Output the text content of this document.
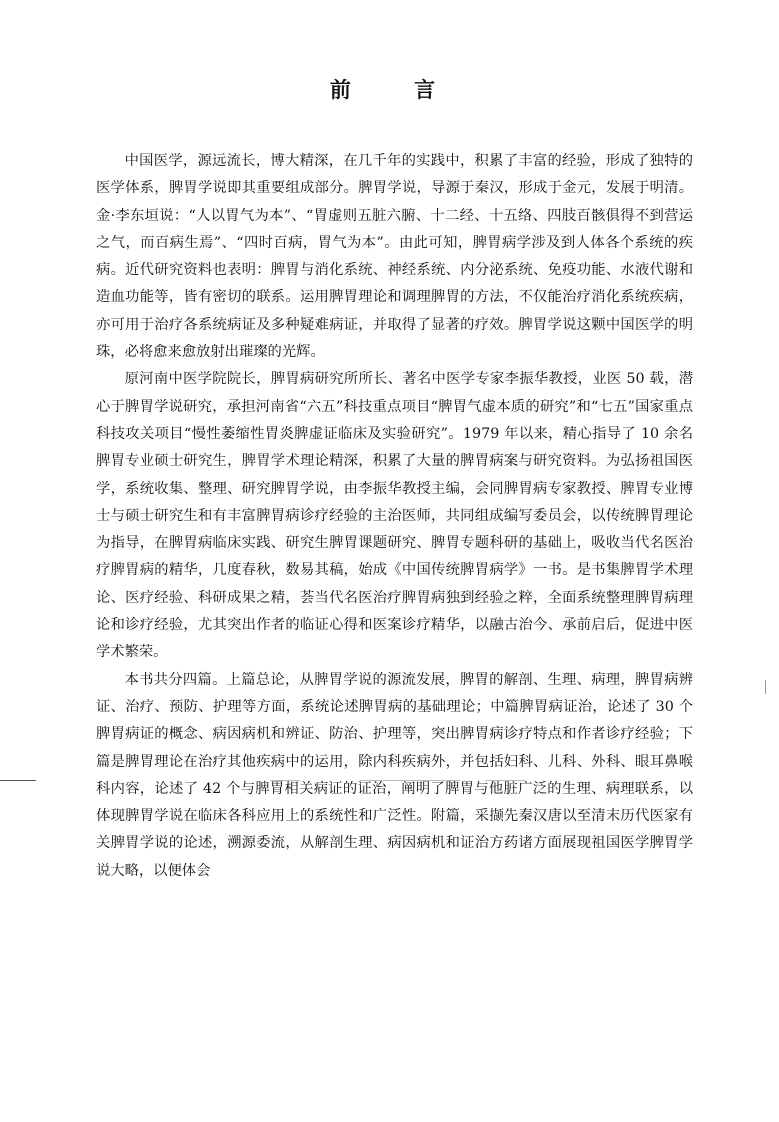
前 言

中国医学，源远流长，博大精深，在几千年的实践中，积累了丰富的经验，形成了独特的医学体系，脾胃学说即其重要组成部分。脾胃学说，导源于秦汉，形成于金元，发展于明清。金·李东垣说：“人以胃气为本”、“胃虚则五脏六腑、十二经、十五络、四肢百骸俱得不到营运之气，而百病生焉”、“四时百病，胃气为本”。由此可知，脾胃病学涉及到人体各个系统的疾病。近代研究资料也表明：脾胃与消化系统、神经系统、内分泌系统、免疫功能、水液代谢和造血功能等，皆有密切的联系。运用脾胃理论和调理脾胃的方法，不仅能治疗消化系统疾病，亦可用于治疗各系统病证及多种疑难病证，并取得了显著的疗效。脾胃学说这颗中国医学的明珠，必将愈来愈放射出璀璨的光辉。

原河南中医学院院长，脾胃病研究所所长、著名中医学专家李振华教授，业医 50 载，潜心于脾胃学说研究，承担河南省“六五”科技重点项目“脾胃气虚本质的研究”和“七五”国家重点科技攻关项目“慢性萎缩性胃炎脾虚证临床及实验研究”。1979 年以来，精心指导了 10 余名脾胃专业硕士研究生，脾胃学术理论精深，积累了大量的脾胃病案与研究资料。为弘扬祖国医学，系统收集、整理、研究脾胃学说，由李振华教授主编，会同脾胃病专家教授、脾胃专业博士与硕士研究生和有丰富脾胃病诊疗经验的主治医师，共同组成编写委员会，以传统脾胃理论为指导，在脾胃病临床实践、研究生脾胃课题研究、脾胃专题科研的基础上，吸收当代名医治疗脾胃病的精华，几度春秋，数易其稿，始成《中国传统脾胃病学》一书。是书集脾胃学术理论、医疗经验、科研成果之精，荟当代名医治疗脾胃病独到经验之粹，全面系统整理脾胃病理论和诊疗经验，尤其突出作者的临证心得和医案诊疗精华，以融古治今、承前启后，促进中医学术繁荣。

本书共分四篇。上篇总论，从脾胃学说的源流发展，脾胃的解剖、生理、病理，脾胃病辨证、治疗、预防、护理等方面，系统论述脾胃病的基础理论；中篇脾胃病证治，论述了 30 个脾胃病证的概念、病因病机和辨证、防治、护理等，突出脾胃病诊疗特点和作者诊疗经验；下篇是脾胃理论在治疗其他疾病中的运用，除内科疾病外，并包括妇科、儿科、外科、眼耳鼻喉科内容，论述了 42 个与脾胃相关病证的证治，阐明了脾胃与他脏广泛的生理、病理联系，以体现脾胃学说在临床各科应用上的系统性和广泛性。附篇，采撷先秦汉唐以至清末历代医家有关脾胃学说的论述，溯源委流，从解剖生理、病因病机和证治方药诸方面展现祖国医学脾胃学说大略，以便体会
